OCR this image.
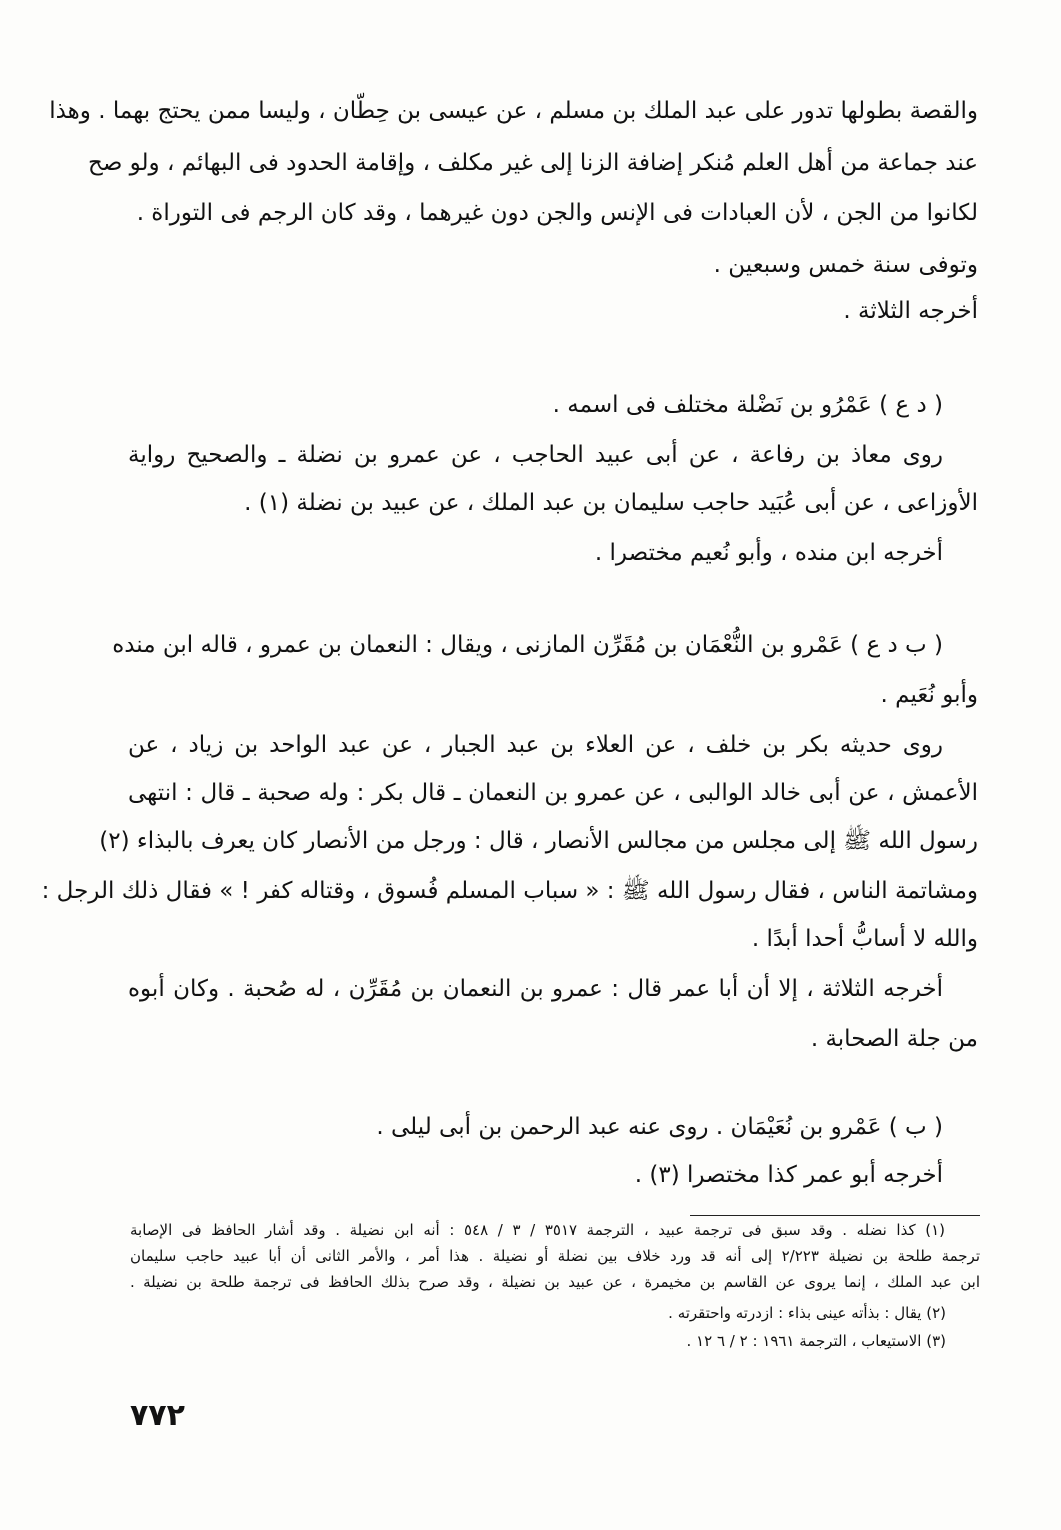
والقصة بطولها تدور على عبد الملك بن مسلم ، عن عيسى بن حِطّان ، وليسا ممن يحتج بهما . وهذا
عند جماعة من أهل العلم مُنكر إضافة الزنا إلى غير مكلف ، وإقامة الحدود فى البهائم ، ولو صح
لكانوا من الجن ، لأن العبادات فى الإنس والجن دون غيرهما ، وقد كان الرجم فى التوراة .
وتوفى سنة خمس وسبعين .
أخرجه الثلاثة .
( د ع ) عَمْرُو بن نَضْلة مختلف فى اسمه .
روى معاذ بن رفاعة ، عن أبى عبيد الحاجب ، عن عمرو بن نضلة ـ والصحيح رواية
الأوزاعى ، عن أبى عُبَيد حاجب سليمان بن عبد الملك ، عن عبيد بن نضلة (١) .
أخرجه ابن منده ، وأبو نُعيم مختصرا .
( ب د ع ) عَمْرو بن النُّعْمَان بن مُقَرِّن المازنى ، ويقال : النعمان بن عمرو ، قاله ابن منده
وأبو نُعَيم .
روى حديثه بكر بن خلف ، عن العلاء بن عبد الجبار ، عن عبد الواحد بن زياد ، عن
الأعمش ، عن أبى خالد الوالبى ، عن عمرو بن النعمان ـ قال بكر : وله صحبة ـ قال : انتهى
رسول الله ﷺ إلى مجلس من مجالس الأنصار ، قال : ورجل من الأنصار كان يعرف بالبذاء (٢)
ومشاتمة الناس ، فقال رسول الله ﷺ : « سباب المسلم فُسوق ، وقتاله كفر ! » فقال ذلك الرجل :
والله لا أسابُّ أحدا أبدًا .
أخرجه الثلاثة ، إلا أن أبا عمر قال : عمرو بن النعمان بن مُقَرِّن ، له صُحبة . وكان أبوه
من جلة الصحابة .
( ب ) عَمْرو بن نُعَيْمَان . روى عنه عبد الرحمن بن أبى ليلى .
أخرجه أبو عمر كذا مختصرا (٣) .
(١) كذا نضله . وقد سبق فى ترجمة عبيد ، الترجمة ٣٥١٧ / ٣ / ٥٤٨ : أنه ابن نضيلة . وقد أشار الحافظ فى الإصابة
ترجمة طلحة بن نضيلة ٢/٢٢٣ إلى أنه قد ورد خلاف بين نضلة أو نضيلة . هذا أمر ، والأمر الثانى أن أبا عبيد حاجب سليمان
ابن عبد الملك ، إنما يروى عن القاسم بن مخيمرة ، عن عبيد بن نضيلة ، وقد صرح بذلك الحافظ فى ترجمة طلحة بن نضيلة .
(٢) يقال : بذأته عينى بذاء : ازدرته واحتقرته .
(٣) الاستيعاب ، الترجمة ١٩٦١ : ٢ / ٦ ١٢ .
٧٧٢
